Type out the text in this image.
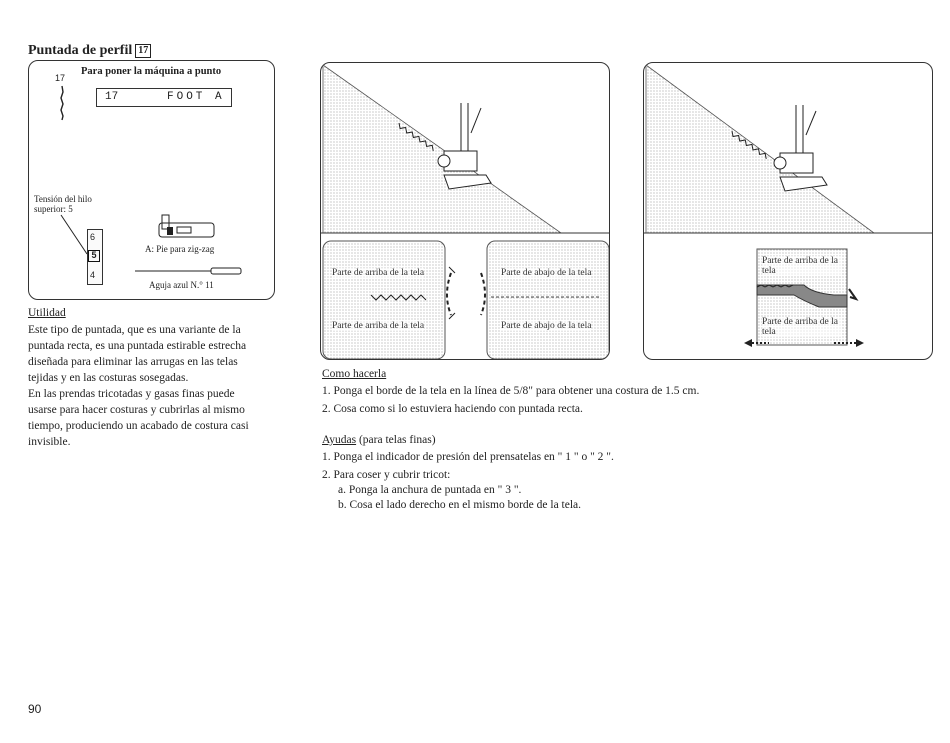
Puntada de perfil 17
Para poner la máquina a punto
17
17	FOOT A
Tensión del hilo superior: 5
6
5
4
A: Pie para zig-zag
Aguja azul N.° 11
Utilidad
Este tipo de puntada, que es una variante de la
puntada recta, es una puntada estirable estrecha
diseñada para eliminar las arrugas en las telas
tejidas y en las costuras sosegadas.
En las prendas tricotadas y gasas finas puede
usarse para hacer costuras y cubrirlas al mismo
tiempo, produciendo un acabado de costura casi
invisible.
Parte de arriba de la tela	Parte de abajo de la tela
Parte de arriba de la tela	Parte de abajo de la tela
Parte de arriba de la tela
Parte de arriba de la tela
Como hacerla
1. Ponga el borde de la tela en la línea de 5/8" para obtener una costura de 1.5 cm.
2. Cosa como si lo estuviera haciendo con puntada recta.
Ayudas (para telas finas)
1. Ponga el indicador de presión del prensatelas en " 1 " o " 2 ".
2. Para coser y cubrir tricot:
a. Ponga la anchura de puntada en " 3 ".
b. Cosa el lado derecho en el mismo borde de la tela.
90
